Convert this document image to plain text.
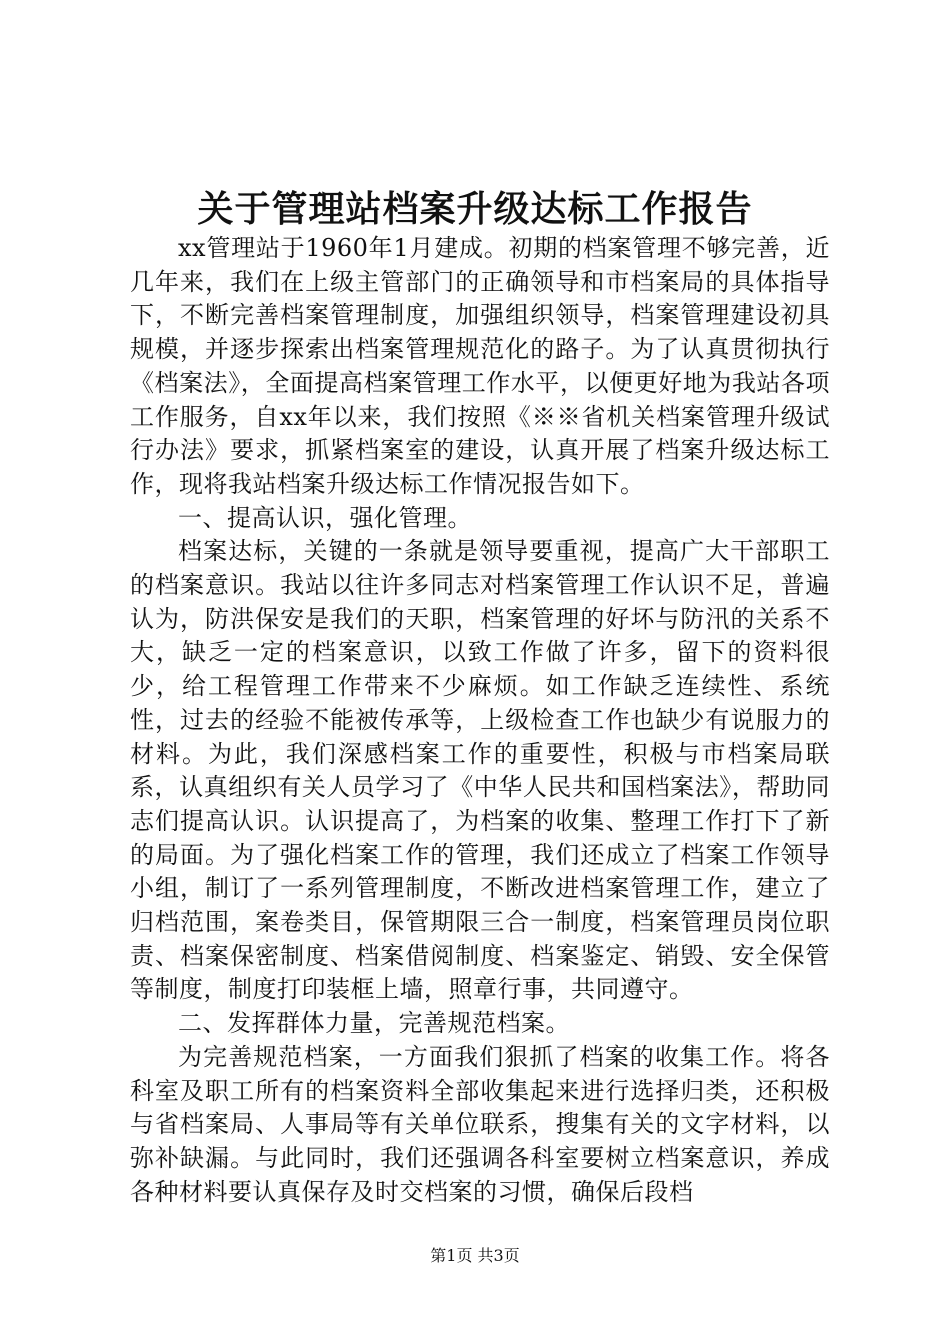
关于管理站档案升级达标工作报告

xx管理站于1960年1月建成。初期的档案管理不够完善，近几年来，我们在上级主管部门的正确领导和市档案局的具体指导下，不断完善档案管理制度，加强组织领导，档案管理建设初具规模，并逐步探索出档案管理规范化的路子。为了认真贯彻执行《档案法》，全面提高档案管理工作水平，以便更好地为我站各项工作服务，自xx年以来，我们按照《※※省机关档案管理升级试行办法》要求，抓紧档案室的建设，认真开展了档案升级达标工作，现将我站档案升级达标工作情况报告如下。

一、提高认识，强化管理。

档案达标，关键的一条就是领导要重视，提高广大干部职工的档案意识。我站以往许多同志对档案管理工作认识不足，普遍认为，防洪保安是我们的天职，档案管理的好坏与防汛的关系不大，缺乏一定的档案意识，以致工作做了许多，留下的资料很少，给工程管理工作带来不少麻烦。如工作缺乏连续性、系统性，过去的经验不能被传承等，上级检查工作也缺少有说服力的材料。为此，我们深感档案工作的重要性，积极与市档案局联系，认真组织有关人员学习了《中华人民共和国档案法》，帮助同志们提高认识。认识提高了，为档案的收集、整理工作打下了新的局面。为了强化档案工作的管理，我们还成立了档案工作领导小组，制订了一系列管理制度，不断改进档案管理工作，建立了归档范围，案卷类目，保管期限三合一制度，档案管理员岗位职责、档案保密制度、档案借阅制度、档案鉴定、销毁、安全保管等制度，制度打印装框上墙，照章行事，共同遵守。

二、发挥群体力量，完善规范档案。

为完善规范档案，一方面我们狠抓了档案的收集工作。将各科室及职工所有的档案资料全部收集起来进行选择归类，还积极与省档案局、人事局等有关单位联系，搜集有关的文字材料，以弥补缺漏。与此同时，我们还强调各科室要树立档案意识，养成各种材料要认真保存及时交档案的习惯，确保后段档

第1页 共3页
